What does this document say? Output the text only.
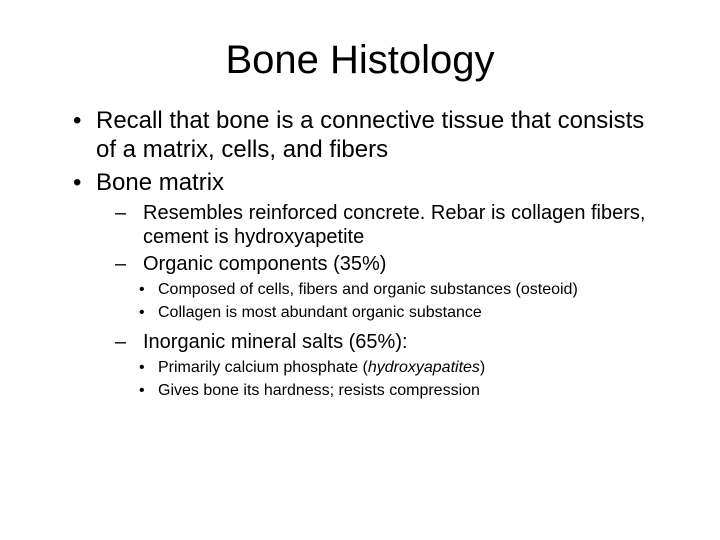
Bone Histology
• Recall that bone is a connective tissue that consists of a matrix, cells, and fibers
• Bone matrix
– Resembles reinforced concrete. Rebar is collagen fibers, cement is hydroxyapetite
– Organic components (35%)
• Composed of cells, fibers and organic substances (osteoid)
• Collagen is most abundant organic substance
– Inorganic mineral salts (65%):
• Primarily calcium phosphate (hydroxyapatites)
• Gives bone its hardness; resists compression
